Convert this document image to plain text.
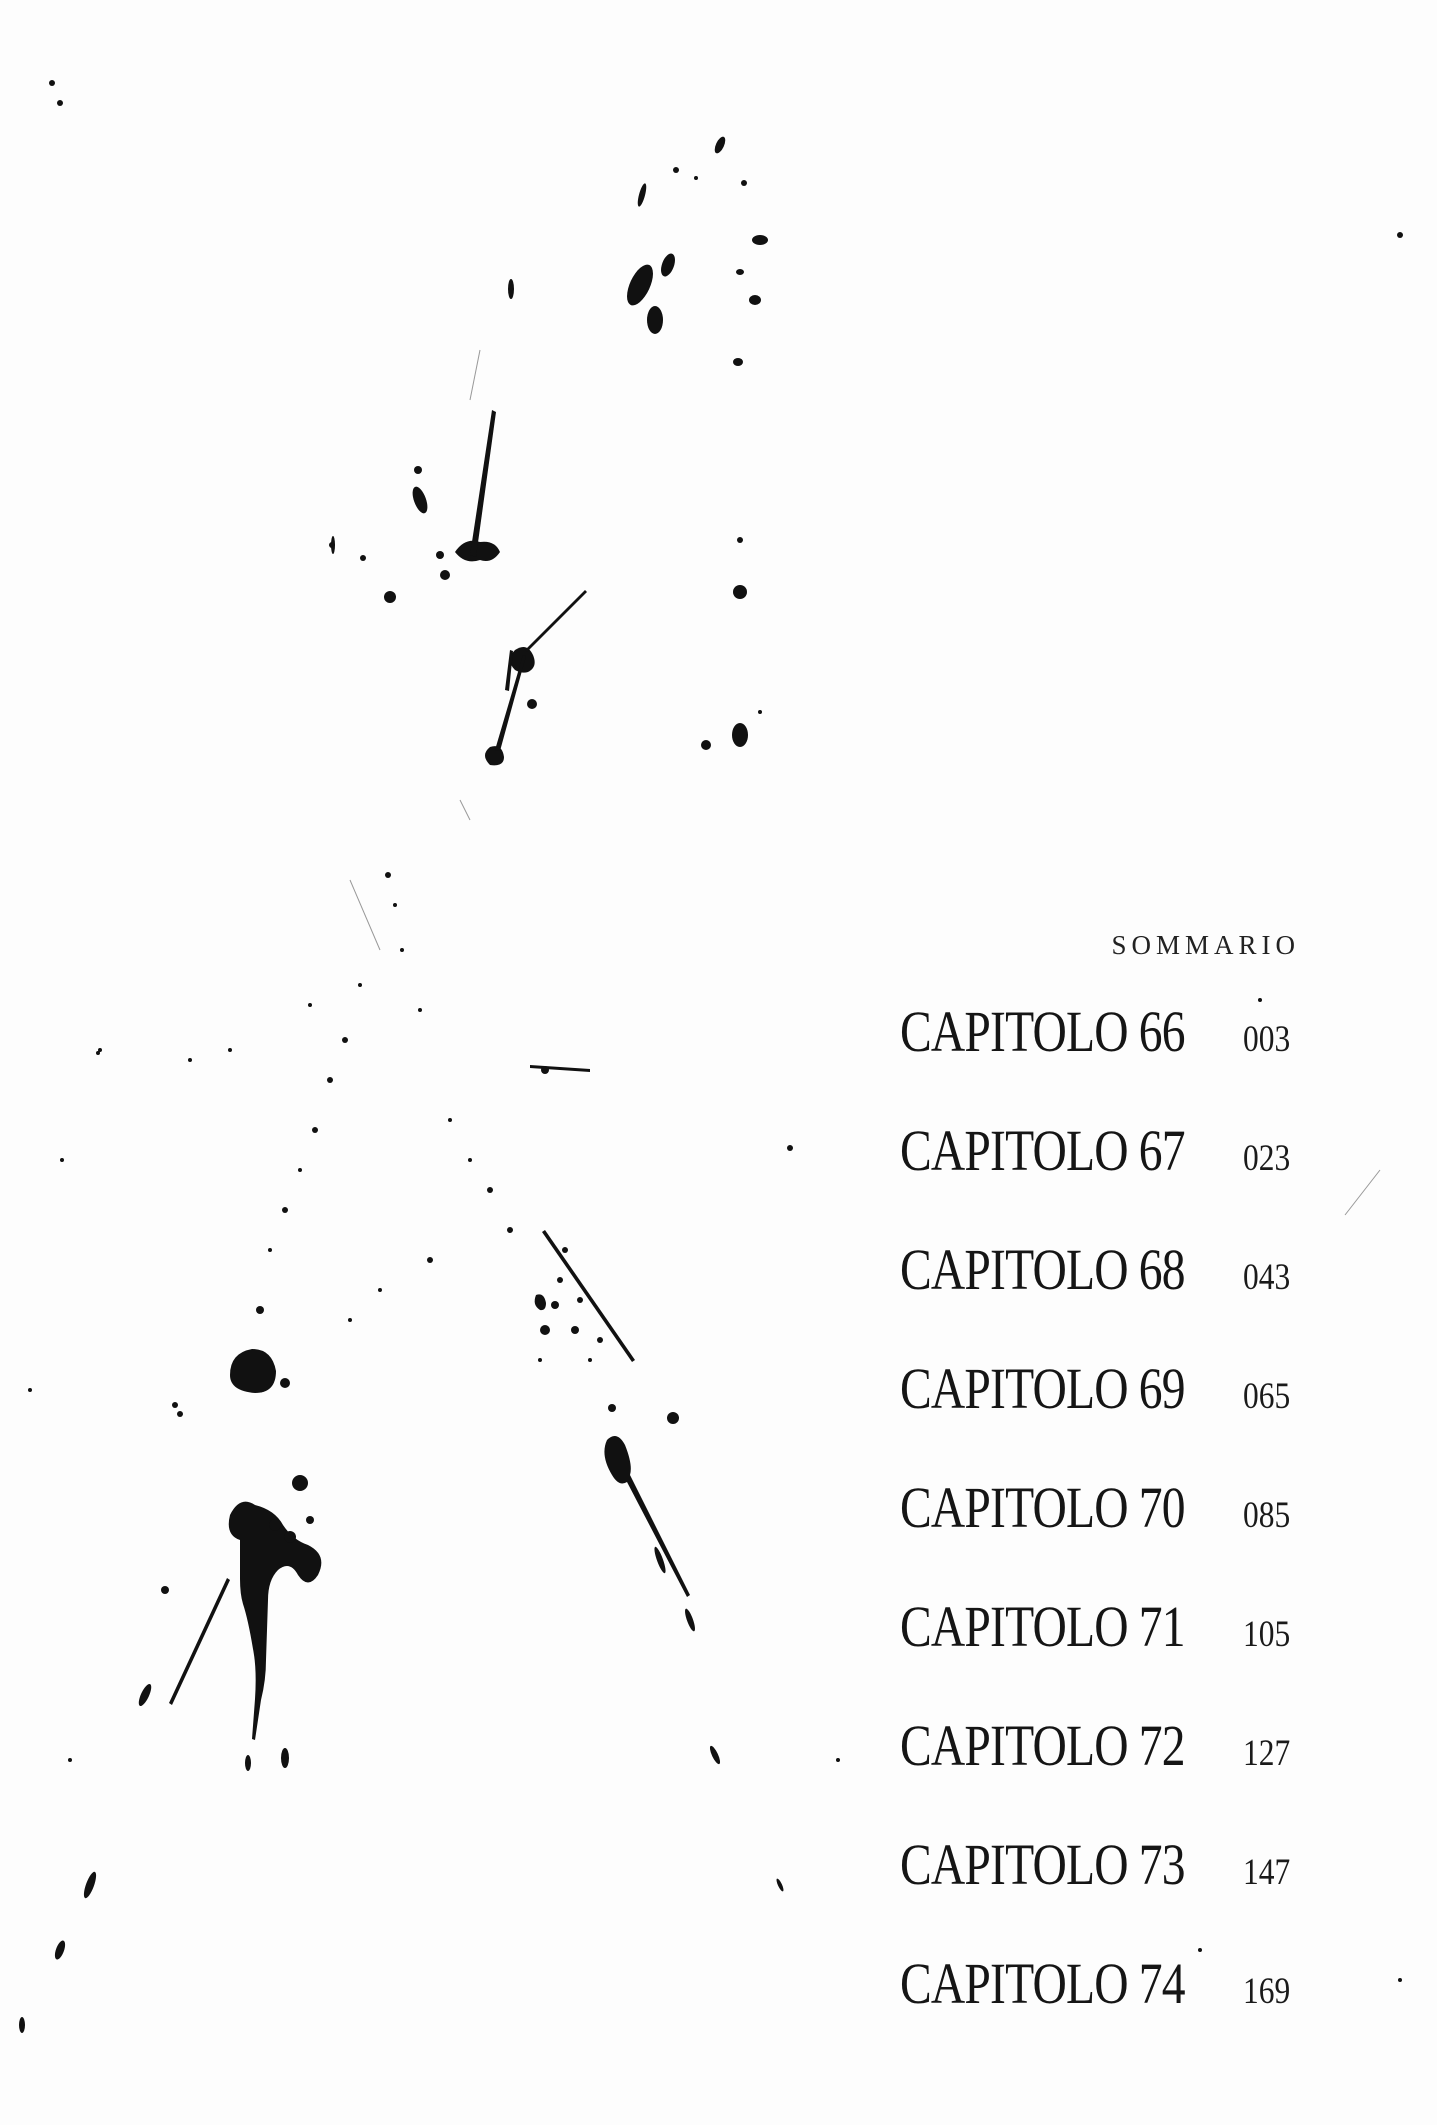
SOMMARIO
CAPITOLO 66 003
CAPITOLO 67 023
CAPITOLO 68 043
CAPITOLO 69 065
CAPITOLO 70 085
CAPITOLO 71 105
CAPITOLO 72 127
CAPITOLO 73 147
CAPITOLO 74 169
